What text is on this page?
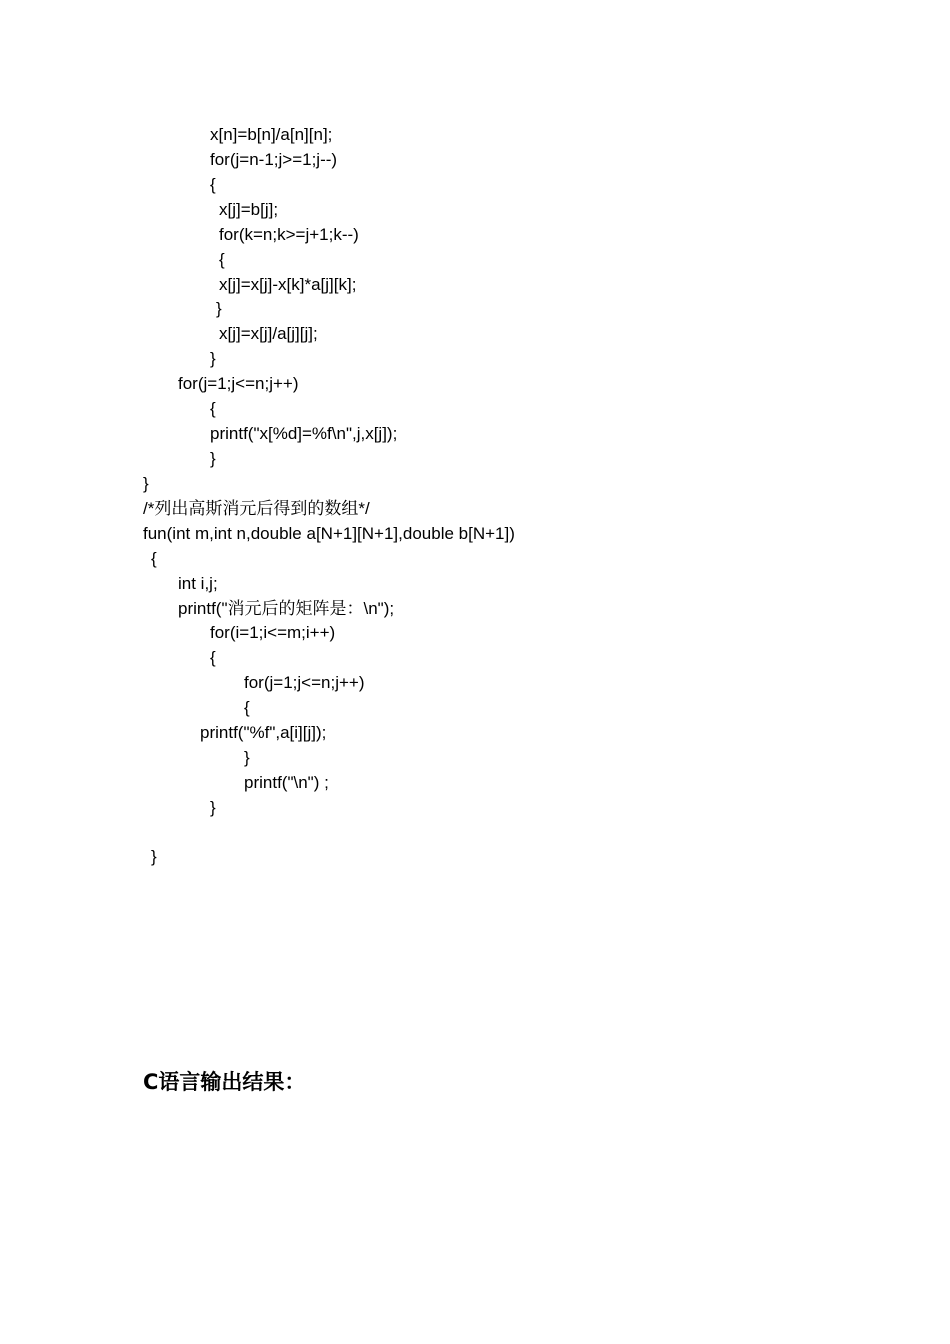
x[n]=b[n]/a[n][n];
for(j=n-1;j>=1;j--)
{
x[j]=b[j];
for(k=n;k>=j+1;k--)
{
x[j]=x[j]-x[k]*a[j][k];
}
x[j]=x[j]/a[j][j];
}
for(j=1;j<=n;j++)
{
printf("x[%d]=%f\n",j,x[j]);
}
}
/*列出高斯消元后得到的数组*/
fun(int m,int n,double a[N+1][N+1],double b[N+1])
{
int i,j;
printf("消元后的矩阵是：\n");
for(i=1;i<=m;i++)
{
for(j=1;j<=n;j++)
{
printf("%f",a[i][j]);
}
printf("\n") ;
}
}
C语言输出结果：
